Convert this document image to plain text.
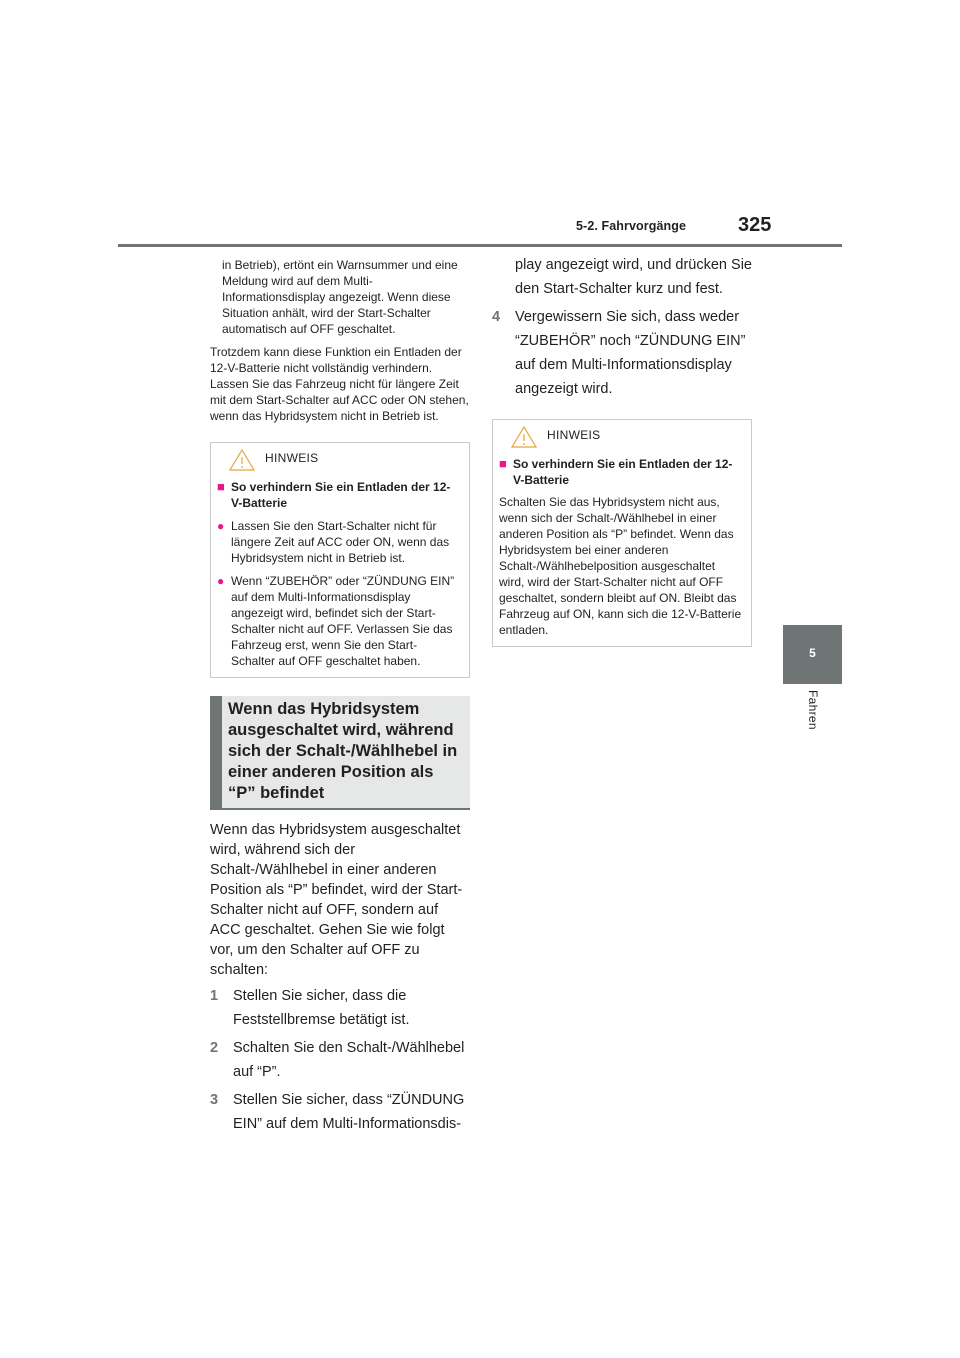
5-2. Fahrvorgänge	325
5
Fahren

in Betrieb), ertönt ein Warnsummer und eine Meldung wird auf dem Multi-Informationsdisplay angezeigt. Wenn diese Situation anhält, wird der Start-Schalter automatisch auf OFF geschaltet.

Trotzdem kann diese Funktion ein Entladen der 12-V-Batterie nicht vollständig verhindern. Lassen Sie das Fahrzeug nicht für längere Zeit mit dem Start-Schalter auf ACC oder ON stehen, wenn das Hybridsystem nicht in Betrieb ist.

HINWEIS
■ So verhindern Sie ein Entladen der 12-V-Batterie
● Lassen Sie den Start-Schalter nicht für längere Zeit auf ACC oder ON, wenn das Hybridsystem nicht in Betrieb ist.
● Wenn “ZUBEHÖR” oder “ZÜNDUNG EIN” auf dem Multi-Informationsdisplay angezeigt wird, befindet sich der Start-Schalter nicht auf OFF. Verlassen Sie das Fahrzeug erst, wenn Sie den Start-Schalter auf OFF geschaltet haben.
Wenn das Hybridsystem ausgeschaltet wird, während sich der Schalt-/Wählhebel in einer anderen Position als “P” befindet

Wenn das Hybridsystem ausgeschaltet wird, während sich der Schalt-/Wählhebel in einer anderen Position als “P” befindet, wird der Start-Schalter nicht auf OFF, sondern auf ACC geschaltet. Gehen Sie wie folgt vor, um den Schalter auf OFF zu schalten:

1	Stellen Sie sicher, dass die Feststellbremse betätigt ist.
2	Schalten Sie den Schalt-/Wählhebel auf “P”.
3	Stellen Sie sicher, dass “ZÜNDUNG EIN” auf dem Multi-Informationsdis-

play angezeigt wird, und drücken Sie den Start-Schalter kurz und fest.

4	Vergewissern Sie sich, dass weder “ZUBEHÖR” noch “ZÜNDUNG EIN” auf dem Multi-Informationsdisplay angezeigt wird.
HINWEIS
■ So verhindern Sie ein Entladen der 12-V-Batterie

Schalten Sie das Hybridsystem nicht aus, wenn sich der Schalt-/Wählhebel in einer anderen Position als “P” befindet. Wenn das Hybridsystem bei einer anderen Schalt-/Wählhebelposition ausgeschaltet wird, wird der Start-Schalter nicht auf OFF geschaltet, sondern bleibt auf ON. Bleibt das Fahrzeug auf ON, kann sich die 12-V-Batterie entladen.
